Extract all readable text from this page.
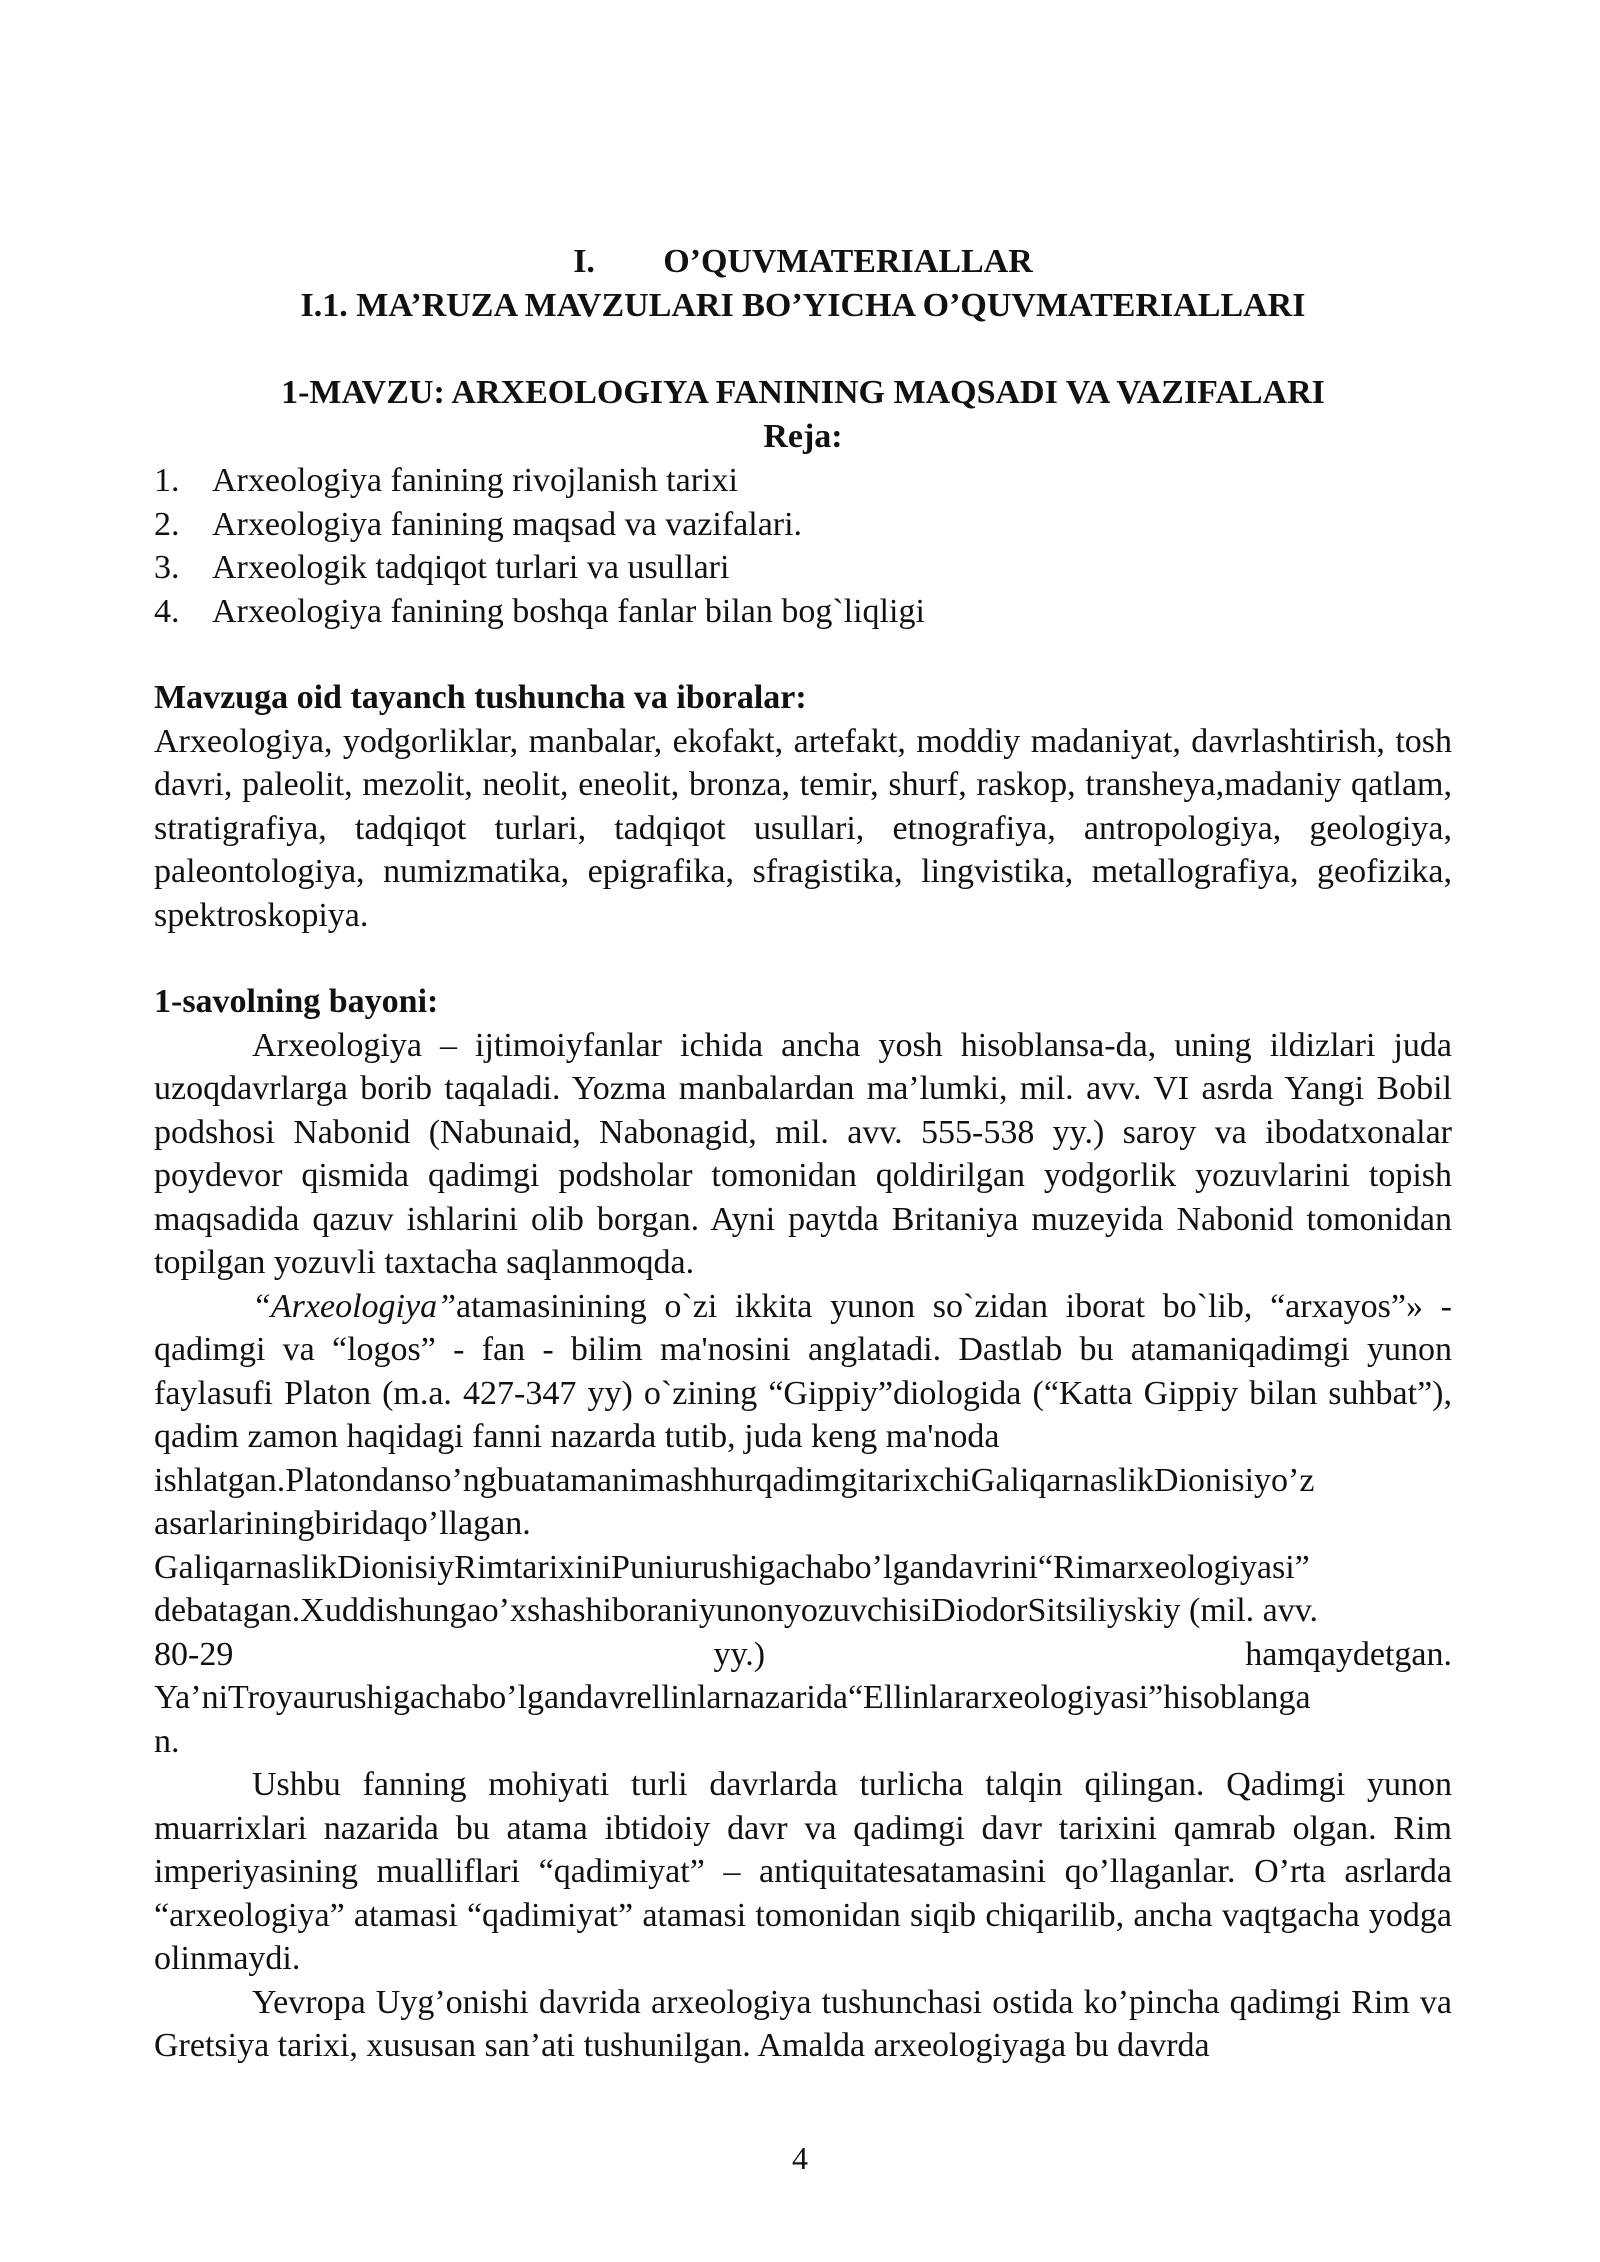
I. O’QUVMATERIALLAR
I.1. MA’RUZA MAVZULARI BO’YICHA O’QUVMATERIALLARI
1-MAVZU: ARXEOLOGIYA FANINING MAQSADI VA VAZIFALARI
Reja:
1. Arxeologiya fanining rivojlanish tarixi
2. Arxeologiya fanining maqsad va vazifalari.
3. Arxeologik tadqiqot turlari va usullari
4. Arxeologiya fanining boshqa fanlar bilan bog`liqligi
Mavzuga oid tayanch tushuncha va iboralar:

Arxeologiya, yodgorliklar, manbalar, ekofakt, artefakt, moddiy madaniyat, davrlashtirish, tosh davri, paleolit, mezolit, neolit, eneolit, bronza, temir, shurf, raskop, transheya,madaniy qatlam, stratigrafiya, tadqiqot turlari, tadqiqot usullari, etnografiya, antropologiya, geologiya, paleontologiya, numizmatika, epigrafika, sfragistika, lingvistika, metallografiya, geofizika, spektroskopiya.

1-savolning bayoni:

Arxeologiya – ijtimoiyfanlar ichida ancha yosh hisoblansa-da, uning ildizlari juda uzoqdavrlarga borib taqaladi. Yozma manbalardan ma’lumki, mil. avv. VI asrda Yangi Bobil podshosi Nabonid (Nabunaid, Nabonagid, mil. avv. 555-538 yy.) saroy va ibodatxonalar poydevor qismida qadimgi podsholar tomonidan qoldirilgan yodgorlik yozuvlarini topish maqsadida qazuv ishlarini olib borgan. Ayni paytda Britaniya muzeyida Nabonid tomonidan topilgan yozuvli taxtacha saqlanmoqda.

“Arxeologiya”atamasinining o`zi ikkita yunon so`zidan iborat bo`lib, “arxayos”» - qadimgi va “logos” - fan - bilim ma'nosini anglatadi. Dastlab bu atamaniqadimgi yunon faylasufi Platon (m.a. 427-347 yy) o`zining “Gippiy”diologida (“Katta Gippiy bilan suhbat”), qadim zamon haqidagi fanni nazarda tutib, juda keng ma'noda

ishlatgan.Platondanso’ngbuatamanimashhurqadimgitarixchiGaliqarnaslikDionisiyo’z
asarlariningbiridaqo’llagan.
GaliqarnaslikDionisiyRimtarixiniPuniurushigachabo’lgandavrini“Rimarxeologiyasi”
debatagan.Xuddishungao’xshashiboraniyunonyozuvchisiDiodorSitsiliyskiy (mil. avv.
80-29 yy.) hamqaydetgan.
Ya’niTroyaurushigachabo’lgandavrellinlarnazarida“Ellinlararxeologiyasi”hisoblanga
n.

Ushbu fanning mohiyati turli davrlarda turlicha talqin qilingan. Qadimgi yunon muarrixlari nazarida bu atama ibtidoiy davr va qadimgi davr tarixini qamrab olgan. Rim imperiyasining mualliflari “qadimiyat” – antiquitatesatamasini qo’llaganlar. O’rta asrlarda “arxeologiya” atamasi “qadimiyat” atamasi tomonidan siqib chiqarilib, ancha vaqtgacha yodga olinmaydi.

Yevropa Uyg’onishi davrida arxeologiya tushunchasi ostida ko’pincha qadimgi Rim va Gretsiya tarixi, xususan san’ati tushunilgan. Amalda arxeologiyaga bu davrda

4
